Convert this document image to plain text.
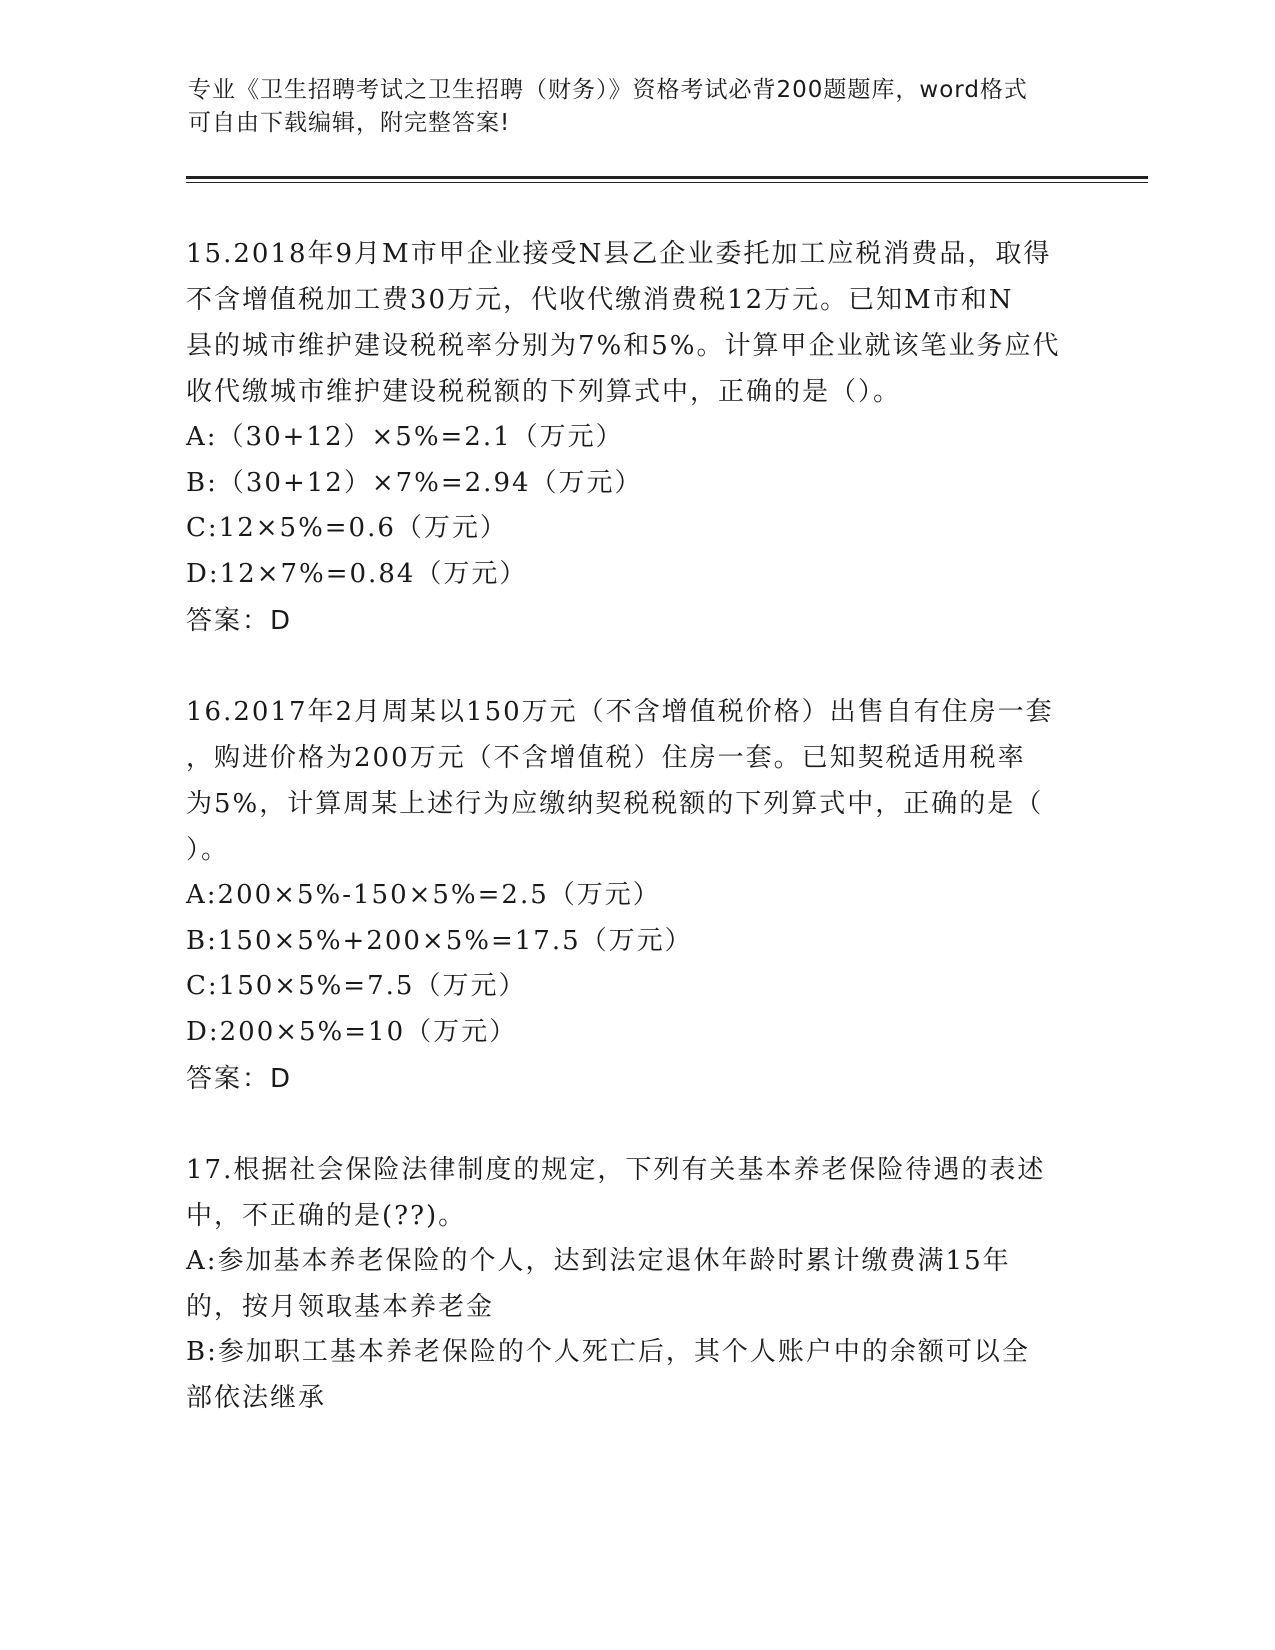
专业《卫生招聘考试之卫生招聘（财务）》资格考试必背200题题库，word格式
可自由下载编辑，附完整答案!
15.2018年9月M市甲企业接受N县乙企业委托加工应税消费品，取得
不含增值税加工费30万元，代收代缴消费税12万元。已知M市和N
县的城市维护建设税税率分别为7%和5%。计算甲企业就该笔业务应代
收代缴城市维护建设税税额的下列算式中，正确的是（）。
A:（30+12）×5%=2.1（万元）
B:（30+12）×7%=2.94（万元）
C:12×5%=0.6（万元）
D:12×7%=0.84（万元）
答案：D
16.2017年2月周某以150万元（不含增值税价格）出售自有住房一套
，购进价格为200万元（不含增值税）住房一套。已知契税适用税率
为5%，计算周某上述行为应缴纳契税税额的下列算式中，正确的是（
）。
A:200×5%-150×5%=2.5（万元）
B:150×5%+200×5%=17.5（万元）
C:150×5%=7.5（万元）
D:200×5%=10（万元）
答案：D
17.根据社会保险法律制度的规定，下列有关基本养老保险待遇的表述
中，不正确的是(??)。
A:参加基本养老保险的个人，达到法定退休年龄时累计缴费满15年
的，按月领取基本养老金
B:参加职工基本养老保险的个人死亡后，其个人账户中的余额可以全
部依法继承
